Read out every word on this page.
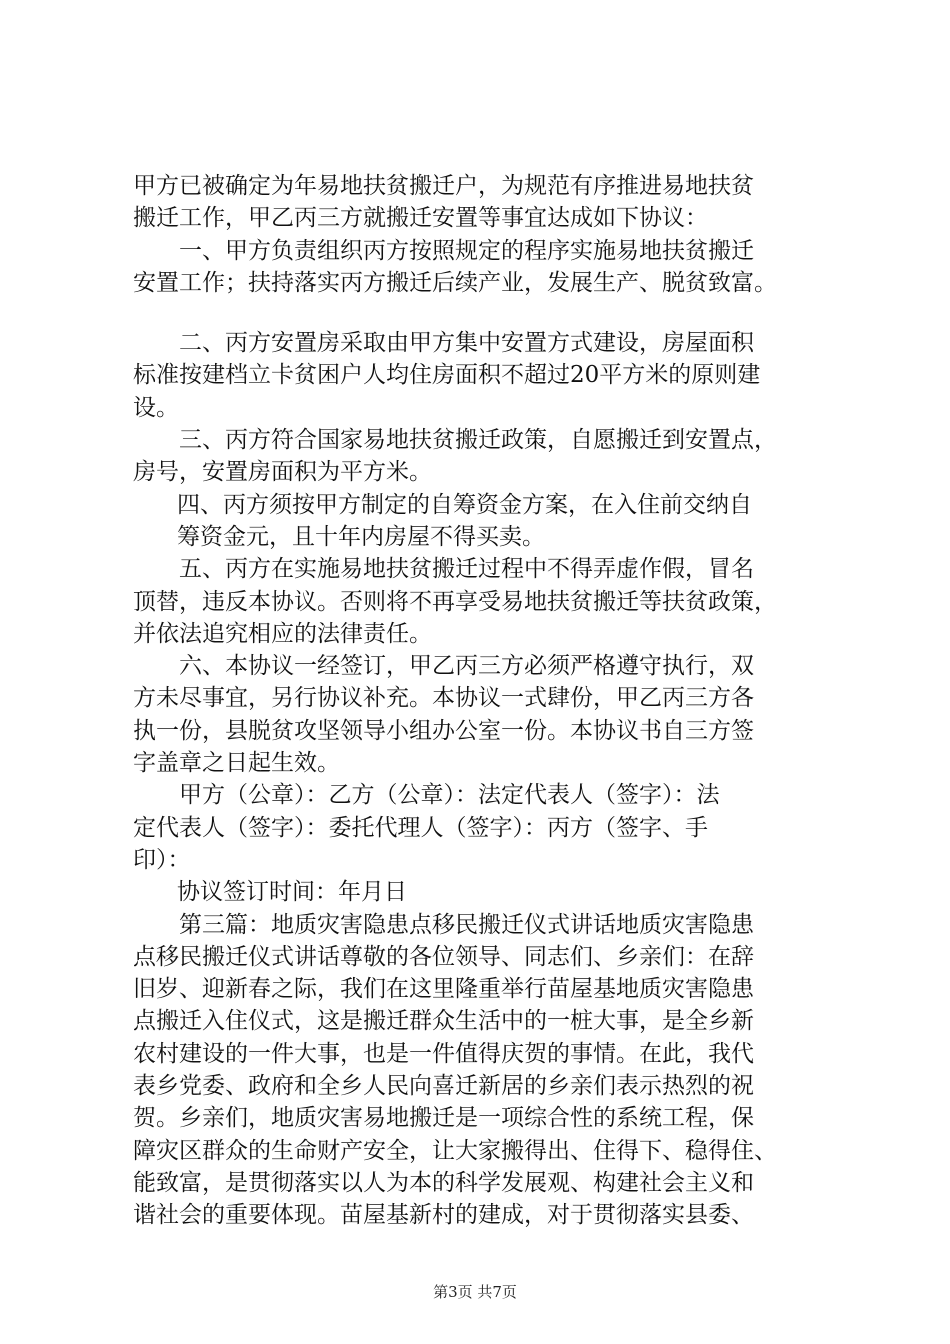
甲方已被确定为年易地扶贫搬迁户，为规范有序推进易地扶贫
搬迁工作，甲乙丙三方就搬迁安置等事宜达成如下协议：
一、甲方负责组织丙方按照规定的程序实施易地扶贫搬迁
安置工作；扶持落实丙方搬迁后续产业，发展生产、脱贫致富。
二、丙方安置房采取由甲方集中安置方式建设，房屋面积
标准按建档立卡贫困户人均住房面积不超过20平方米的原则建
设。
三、丙方符合国家易地扶贫搬迁政策，自愿搬迁到安置点，
房号，安置房面积为平方米。
四、丙方须按甲方制定的自筹资金方案，在入住前交纳自
筹资金元，且十年内房屋不得买卖。
五、丙方在实施易地扶贫搬迁过程中不得弄虚作假，冒名
顶替，违反本协议。否则将不再享受易地扶贫搬迁等扶贫政策，
并依法追究相应的法律责任。
六、本协议一经签订，甲乙丙三方必须严格遵守执行，双
方未尽事宜，另行协议补充。本协议一式肆份，甲乙丙三方各
执一份，县脱贫攻坚领导小组办公室一份。本协议书自三方签
字盖章之日起生效。
甲方（公章）：乙方（公章）：法定代表人（签字）：法
定代表人（签字）：委托代理人（签字）：丙方（签字、手
印）：
协议签订时间：年月日
第三篇：地质灾害隐患点移民搬迁仪式讲话地质灾害隐患
点移民搬迁仪式讲话尊敬的各位领导、同志们、乡亲们：在辞
旧岁、迎新春之际，我们在这里隆重举行苗屋基地质灾害隐患
点搬迁入住仪式，这是搬迁群众生活中的一桩大事，是全乡新
农村建设的一件大事，也是一件值得庆贺的事情。在此，我代
表乡党委、政府和全乡人民向喜迁新居的乡亲们表示热烈的祝
贺。乡亲们，地质灾害易地搬迁是一项综合性的系统工程，保
障灾区群众的生命财产安全，让大家搬得出、住得下、稳得住、
能致富，是贯彻落实以人为本的科学发展观、构建社会主义和
谐社会的重要体现。苗屋基新村的建成，对于贯彻落实县委、
第3页 共7页
